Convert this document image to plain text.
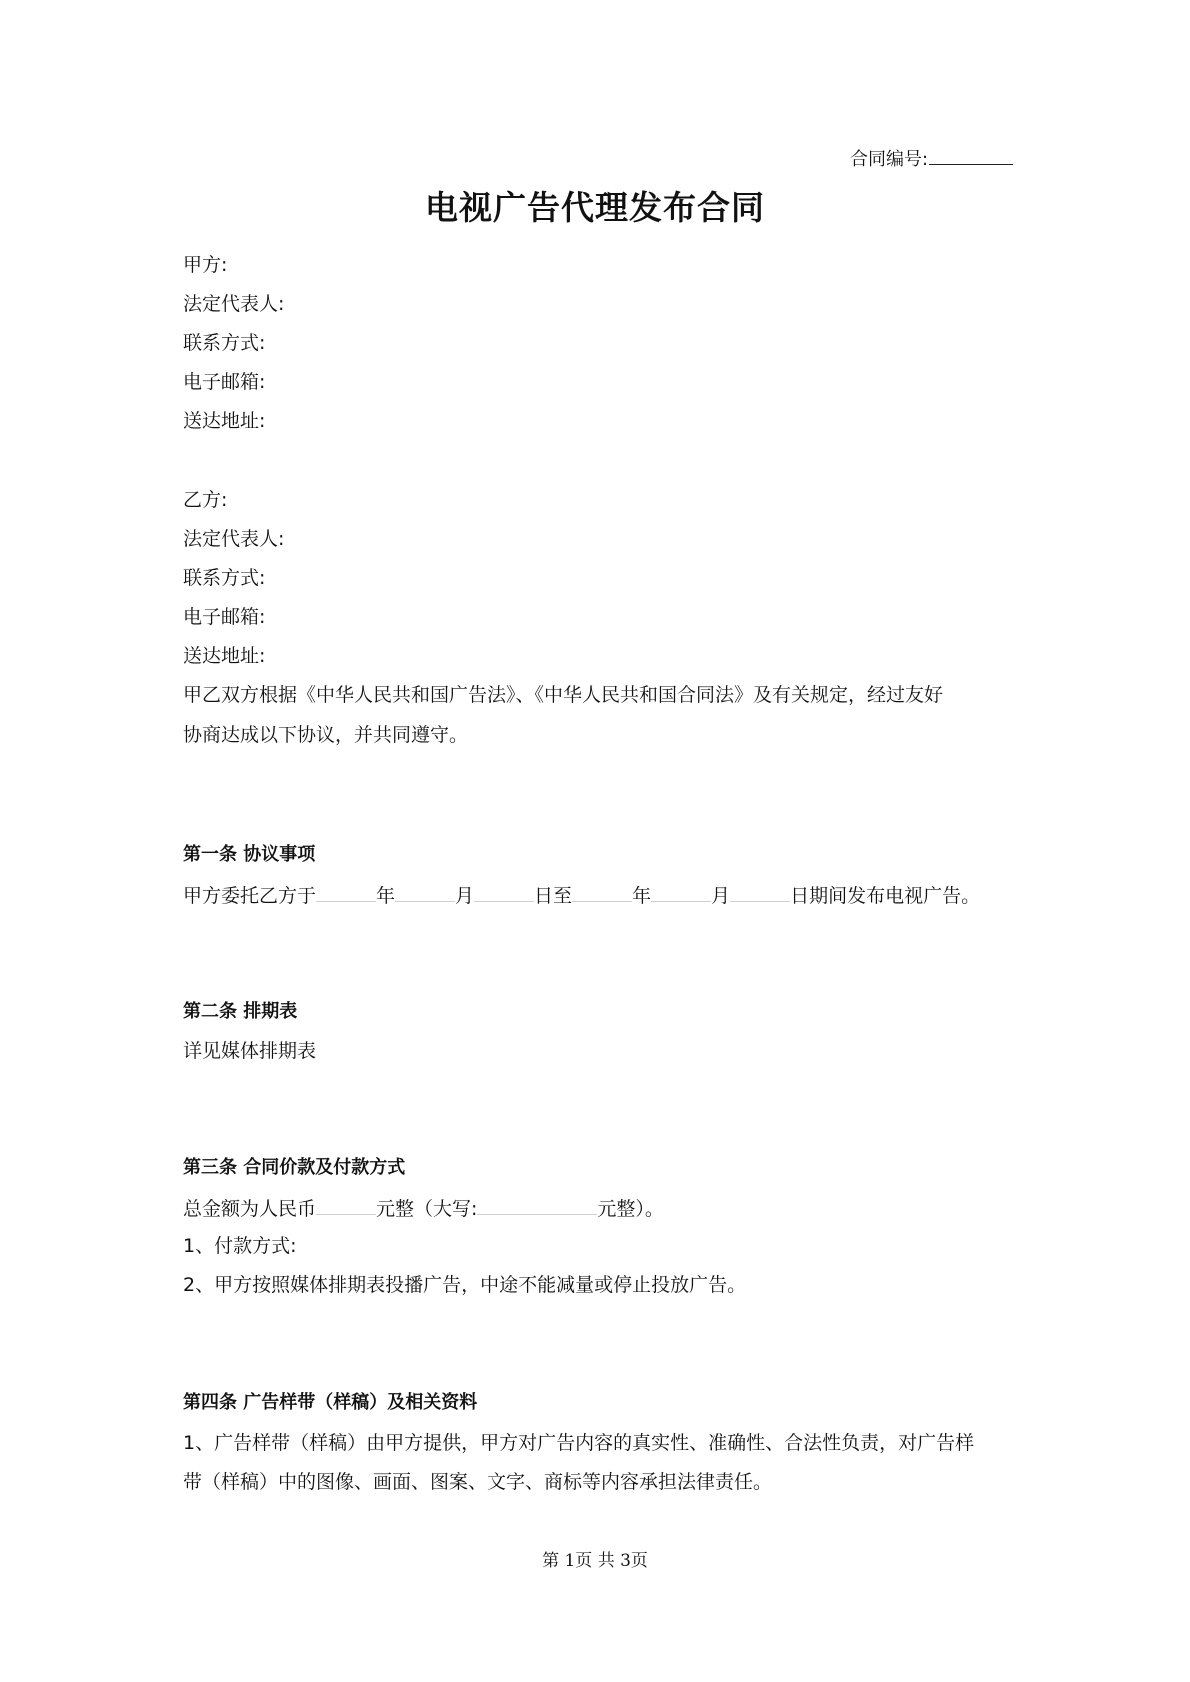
合同编号:
电视广告代理发布合同
甲方:
法定代表人:
联系方式:
电子邮箱:
送达地址:
乙方:
法定代表人:
联系方式:
电子邮箱:
送达地址:
甲乙双方根据《中华人民共和国广告法》、《中华人民共和国合同法》及有关规定，经过友好
协商达成以下协议，并共同遵守。
第一条 协议事项
甲方委托乙方于	年	月	日至	年	月	日期间发布电视广告。
第二条 排期表
详见媒体排期表
第三条 合同价款及付款方式
总金额为人民币	元整（大写:	元整）。
1、付款方式:
2、甲方按照媒体排期表投播广告，中途不能减量或停止投放广告。
第四条 广告样带（样稿）及相关资料
1、广告样带（样稿）由甲方提供，甲方对广告内容的真实性、准确性、合法性负责，对广告样
带（样稿）中的图像、画面、图案、文字、商标等内容承担法律责任。
第 1页 共 3页
